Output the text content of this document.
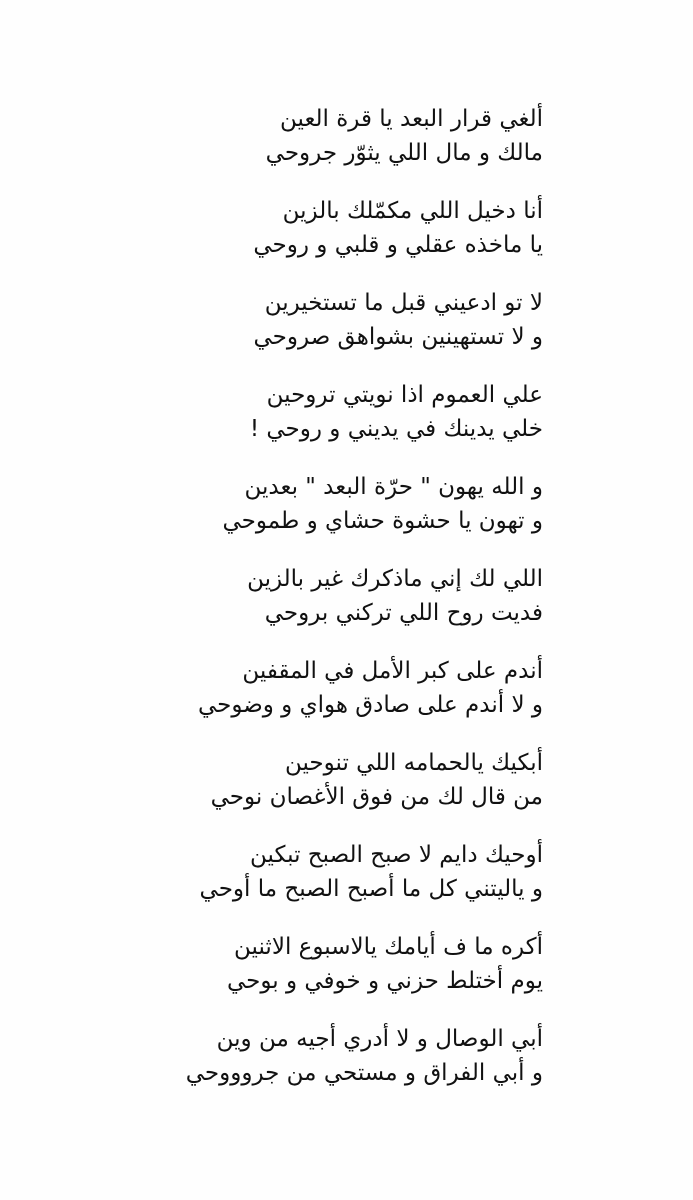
ألغي قرار البعد يا قرة العين
مالك و مال اللي يثوّر جروحي
أنا دخيل اللي مكمّلك بالزين
يا ماخذه عقلي و قلبي و روحي
لا تو ادعيني قبل ما تستخيرين
و لا تستهينين بشواهق صروحي
علي العموم اذا نويتي تروحين
خلي يدينك في يديني و روحي !
و الله يهون " حرّة البعد " بعدين
و تهون يا حشوة حشاي و طموحي
اللي لك إني ماذكرك غير بالزين
فديت روح اللي تركني بروحي
أندم على كبر الأمل في المقفين
و لا أندم على صادق هواي و وضوحي
أبكيك يالحمامه اللي تنوحين
من قال لك من فوق الأغصان نوحي
أوحيك دايم لا صبح الصبح تبكين
و ياليتني كل ما أصبح الصبح ما أوحي
أكره ما ف أيامك يالاسبوع الاثنين
يوم أختلط حزني و خوفي و بوحي
أبي الوصال و لا أدري أجيه من وين
و أبي الفراق و مستحي من جروووحي
